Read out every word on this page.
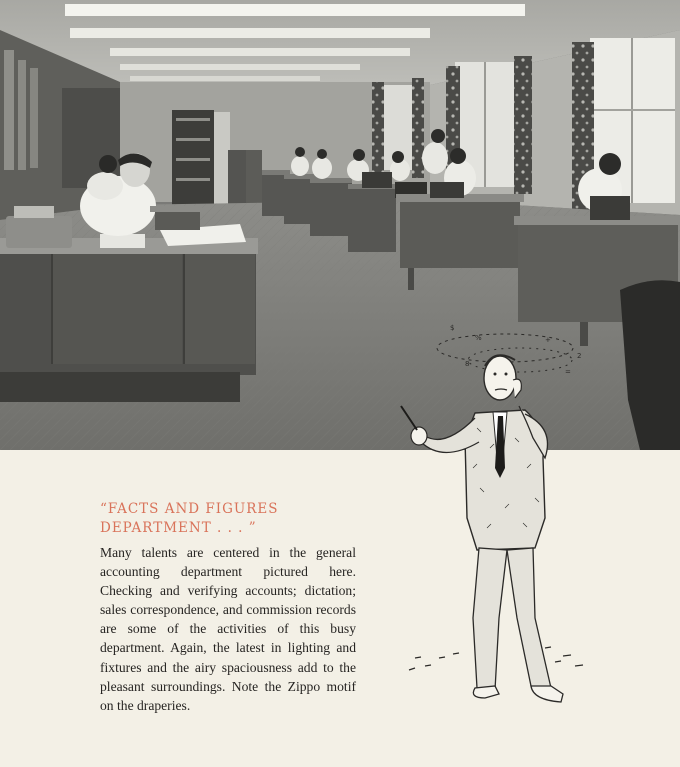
“FACTS AND FIGURES
DEPARTMENT . . . ”

Many talents are centered in the general accounting department pictured here. Checking and verifying accounts; dictation; sales correspondence, and commission records are some of the activities of this busy department. Again, the latest in lighting and fixtures and the airy spaciousness add to the pleasant surroundings. Note the Zippo motif on the draperies.

$
%	+
=
8
2
